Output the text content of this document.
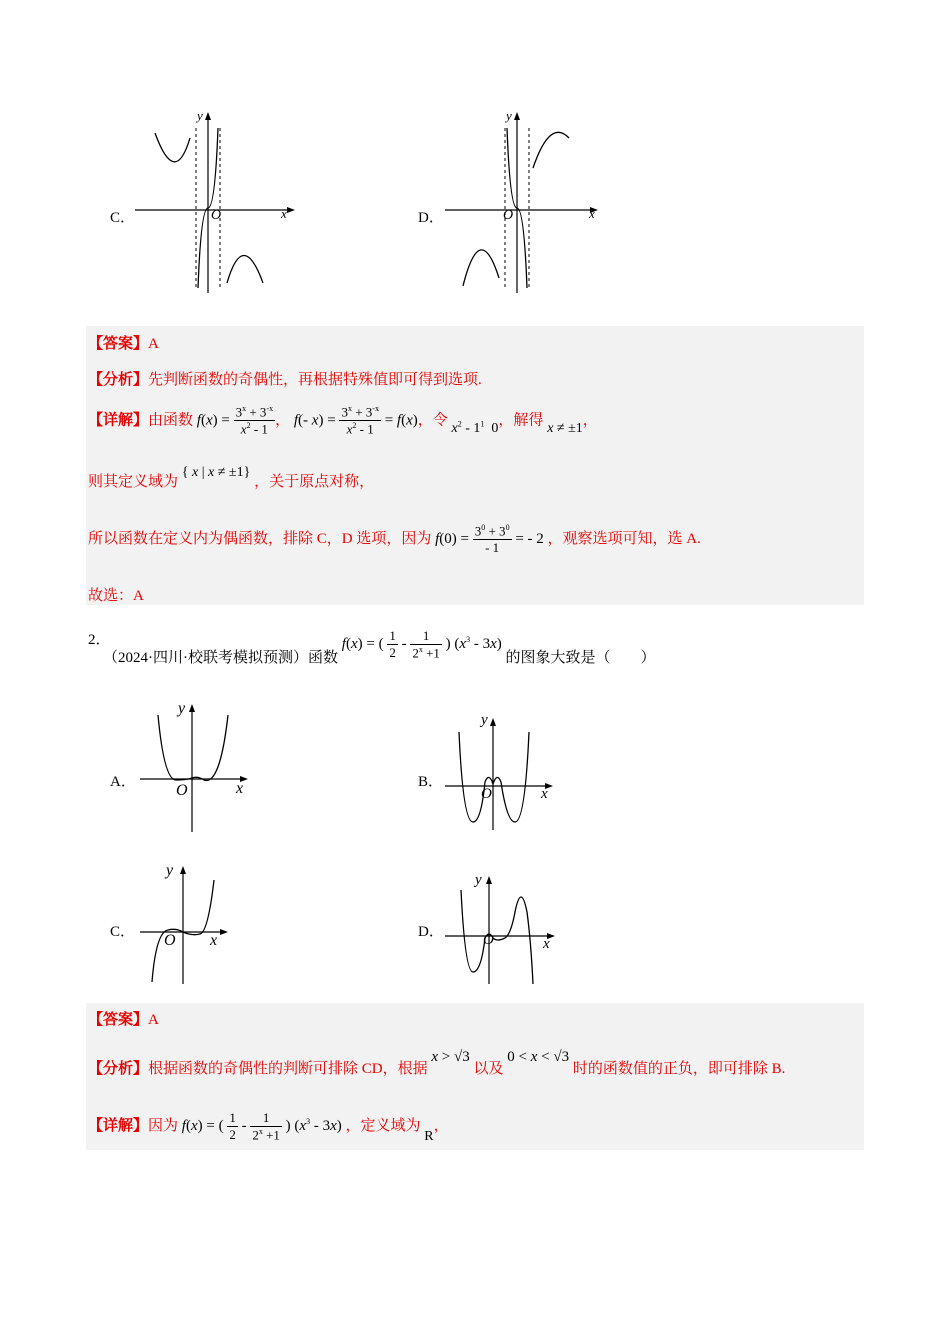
C．
y
x
O	D．
y
x
O
【答案】A
【分析】先判断函数的奇偶性，再根据特殊值即可得到选项.
【详解】由函数 $f(x) = \frac{3^x + 3^{-x}}{x^2 - 1}$ ， f(- $x) = \frac{3^x + 3^{-x}}{x^2 - 1} = f(x)$，令 $x^2 - 1^1$  0，解得 x ≠ ±1，
则其定义域为 { x | x ≠ ±1} ，关于原点对称，
所以函数在定义内为偶函数，排除 C，D 选项，因为 $f(0) = \frac{3^0 + 3^0}{- 1}$ = - 2 ，观察选项可知，选 A.
故选：A
2．（2024·四川·校联考模拟预测）函数 f(x) = ( $\frac{1}{2} - \frac{1}{2^x +1}$ ) $(x^3 - 3x)$ 的图象大致是（　　）
A．
y
x
O	B．
y
x
O
C．
y
x
O	D．
y
x
O
【答案】A
【分析】根据函数的奇偶性的判断可排除 CD，根据 x > √3 以及 0 < x < √3 时的函数值的正负，即可排除 B.
【详解】因为 f(x) = ( $\frac{1}{2} - \frac{1}{2^x +1}$ ) $(x^3 - 3x)$ ，定义域为 R，
